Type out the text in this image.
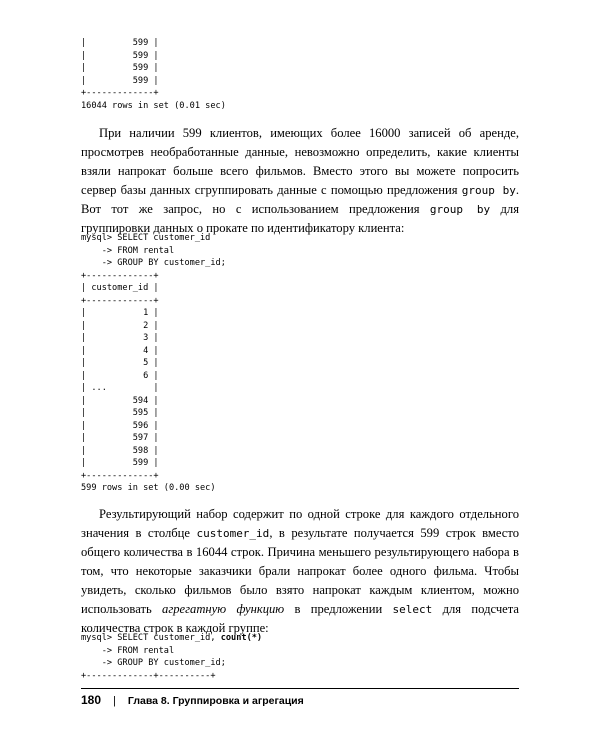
|         599 |
|         599 |
|         599 |
|         599 |
+-------------+
16044 rows in set (0.01 sec)

При наличии 599 клиентов, имеющих более 16000 записей об аренде, просмотрев необработанные данные, невозможно определить, какие клиенты взяли напрокат больше всего фильмов. Вместо этого вы можете попросить сервер базы данных сгруппировать данные с помощью предложения group by. Вот тот же запрос, но с использованием предложения group by для группировки данных о прокате по идентификатору клиента:

mysql> SELECT customer_id
-> FROM rental
-> GROUP BY customer_id;
+-------------+
| customer_id |
+-------------+
|           1 |
|           2 |
|           3 |
|           4 |
|           5 |
|           6 |
| ...         |
|         594 |
|         595 |
|         596 |
|         597 |
|         598 |
|         599 |
+-------------+
599 rows in set (0.00 sec)

Результирующий набор содержит по одной строке для каждого отдельного значения в столбце customer_id, в результате получается 599 строк вместо общего количества в 16044 строк. Причина меньшего результирующего набора в том, что некоторые заказчики брали напрокат более одного фильма. Чтобы увидеть, сколько фильмов было взято напрокат каждым клиентом, можно использовать агрегатную функцию в предложении select для подсчета количества строк в каждой группе:

mysql> SELECT customer_id, count(*)
-> FROM rental
-> GROUP BY customer_id;
+-------------+----------+
180 | Глава 8. Группировка и агрегация
